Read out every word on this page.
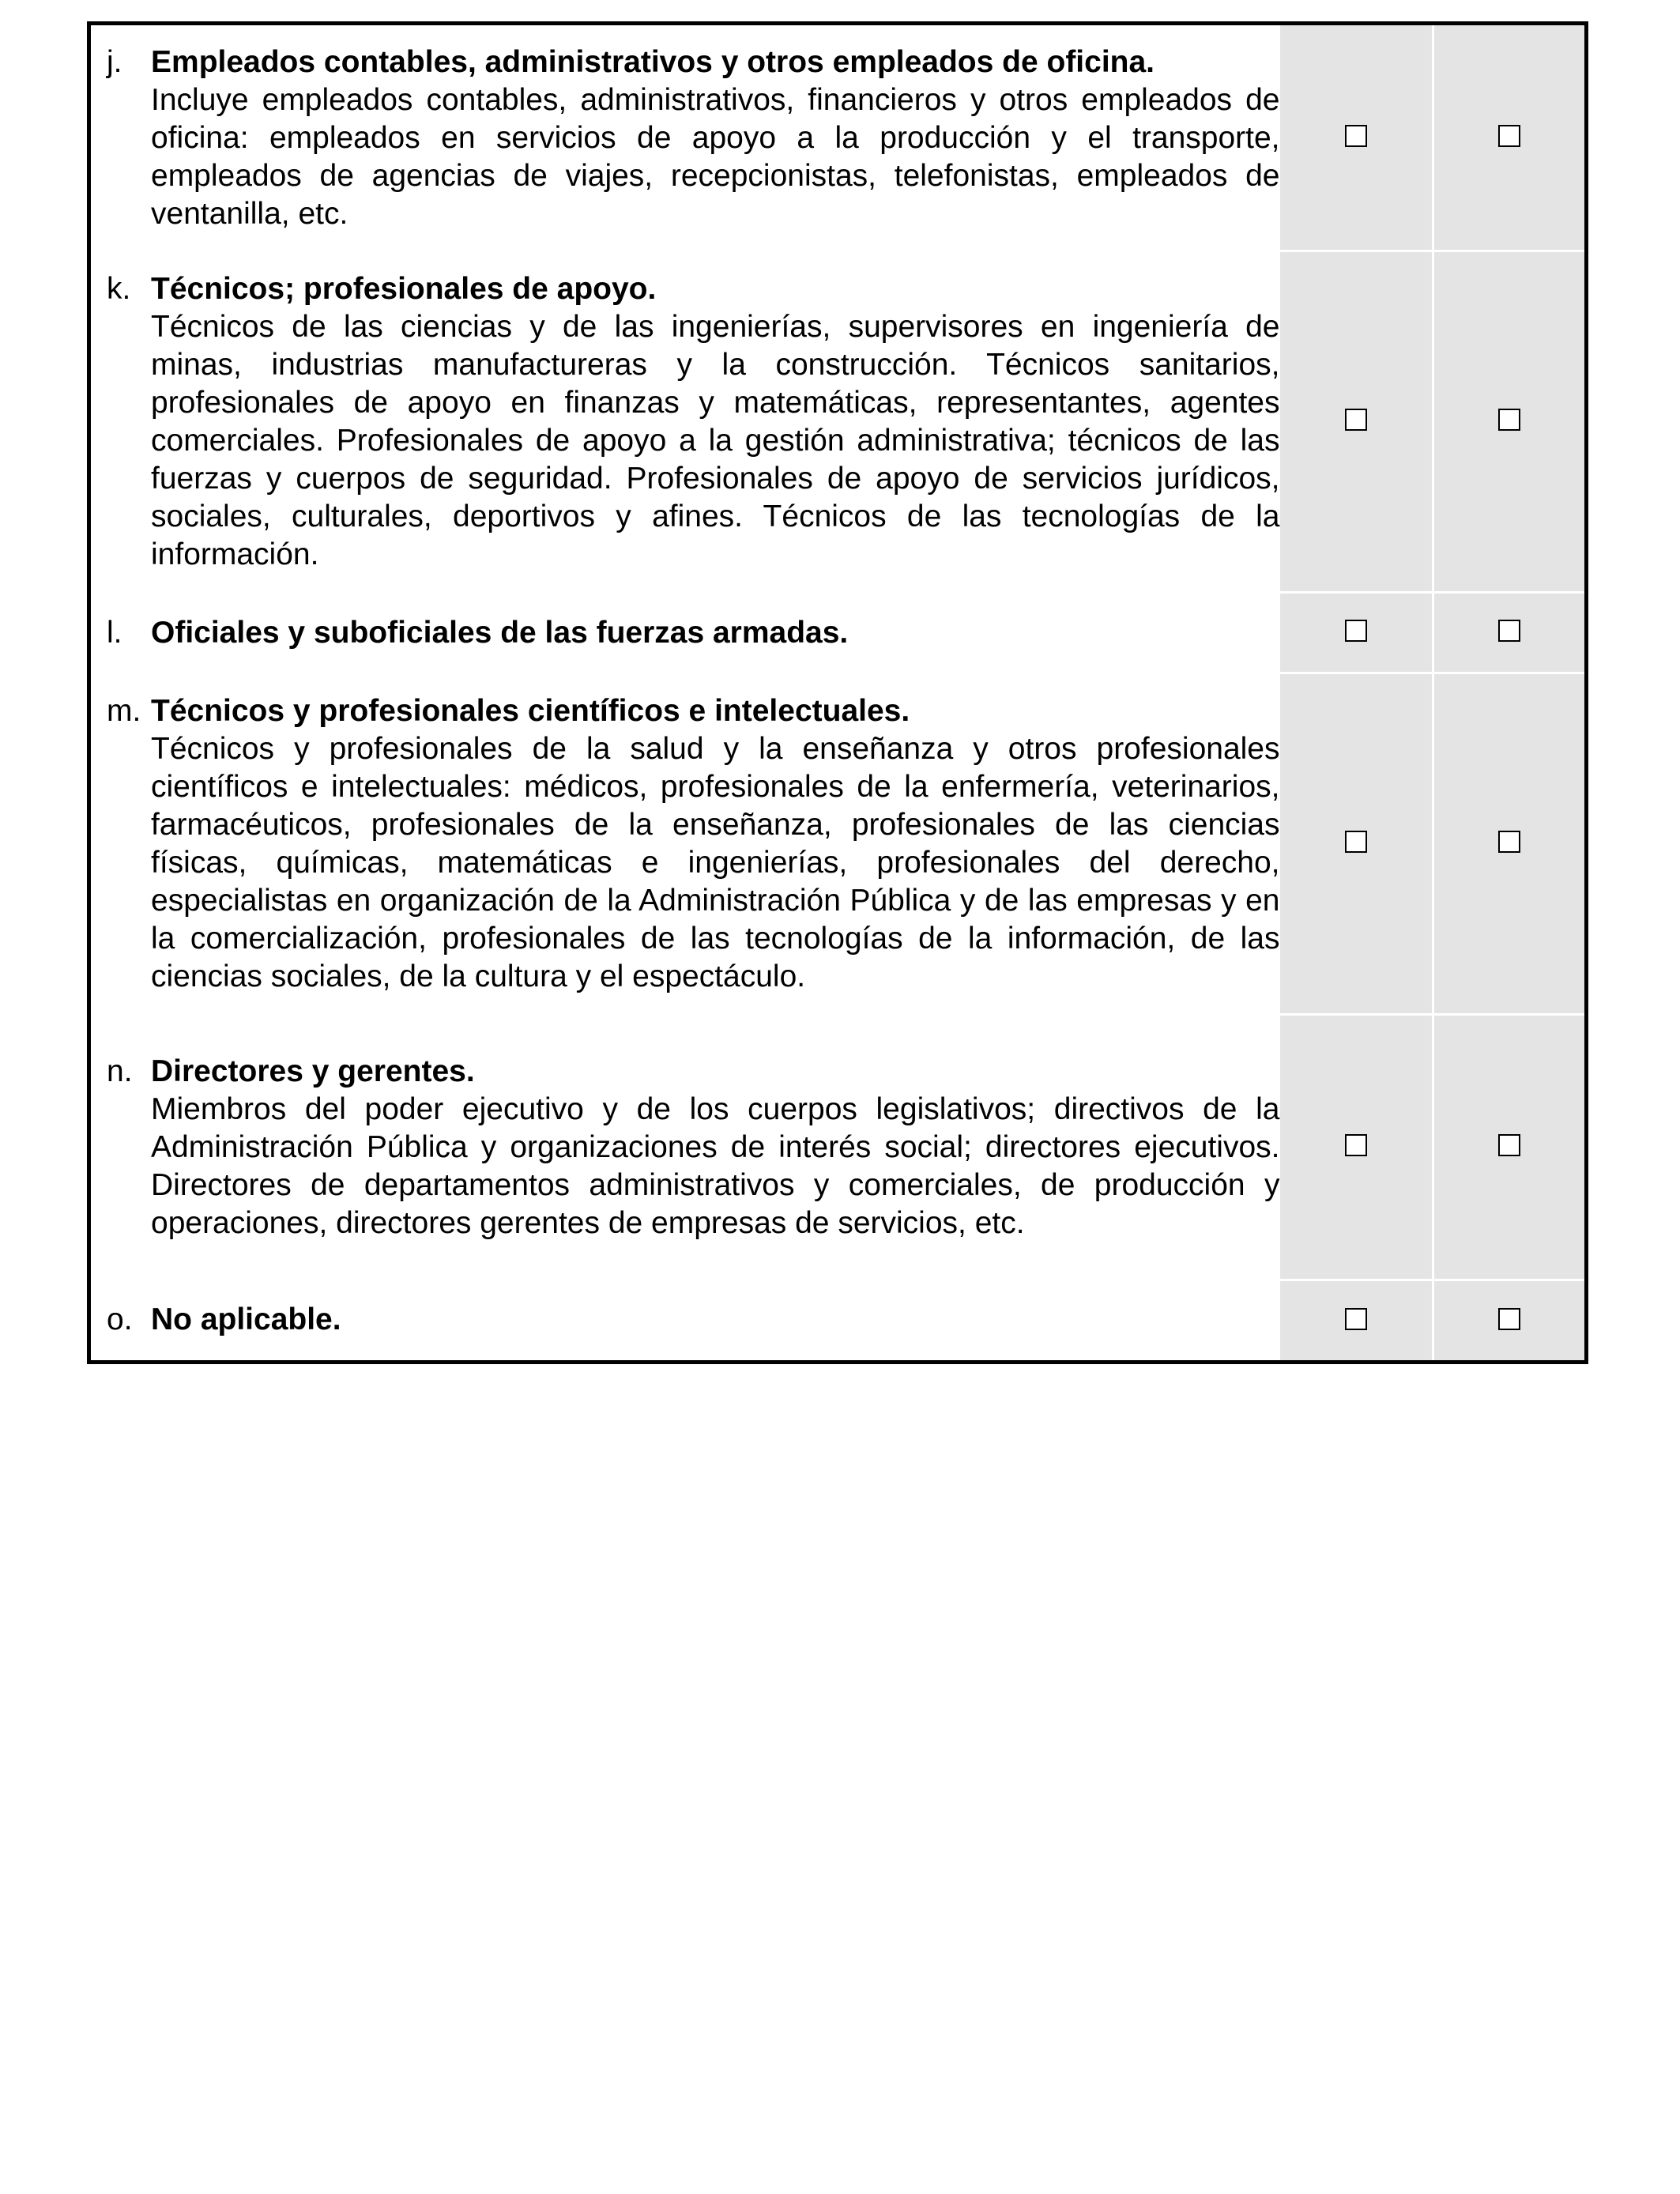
j. Empleados contables, administrativos y otros empleados de oficina.
Incluye empleados contables, administrativos, financieros y otros empleados de oficina: empleados en servicios de apoyo a la producción y el transporte, empleados de agencias de viajes, recepcionistas, telefonistas, empleados de ventanilla, etc.		

k. Técnicos; profesionales de apoyo.
Técnicos de las ciencias y de las ingenierías, supervisores en ingeniería de minas, industrias manufactureras y la construcción. Técnicos sanitarios, profesionales de apoyo en finanzas y matemáticas, representantes, agentes comerciales. Profesionales de apoyo a la gestión administrativa; técnicos de las fuerzas y cuerpos de seguridad. Profesionales de apoyo de servicios jurídicos, sociales, culturales, deportivos y afines. Técnicos de las tecnologías de la información.		

l. Oficiales y suboficiales de las fuerzas armadas.		

m. Técnicos y profesionales científicos e intelectuales.
Técnicos y profesionales de la salud y la enseñanza y otros profesionales científicos e intelectuales: médicos, profesionales de la enfermería, veterinarios, farmacéuticos, profesionales de la enseñanza, profesionales de las ciencias físicas, químicas, matemáticas e ingenierías, profesionales del derecho, especialistas en organización de la Administración Pública y de las empresas y en la comercialización, profesionales de las tecnologías de la información, de las ciencias sociales, de la cultura y el espectáculo.		

n. Directores y gerentes.
Miembros del poder ejecutivo y de los cuerpos legislativos; directivos de la Administración Pública y organizaciones de interés social; directores ejecutivos. Directores de departamentos administrativos y comerciales, de producción y operaciones, directores gerentes de empresas de servicios, etc.		

o. No aplicable.		
